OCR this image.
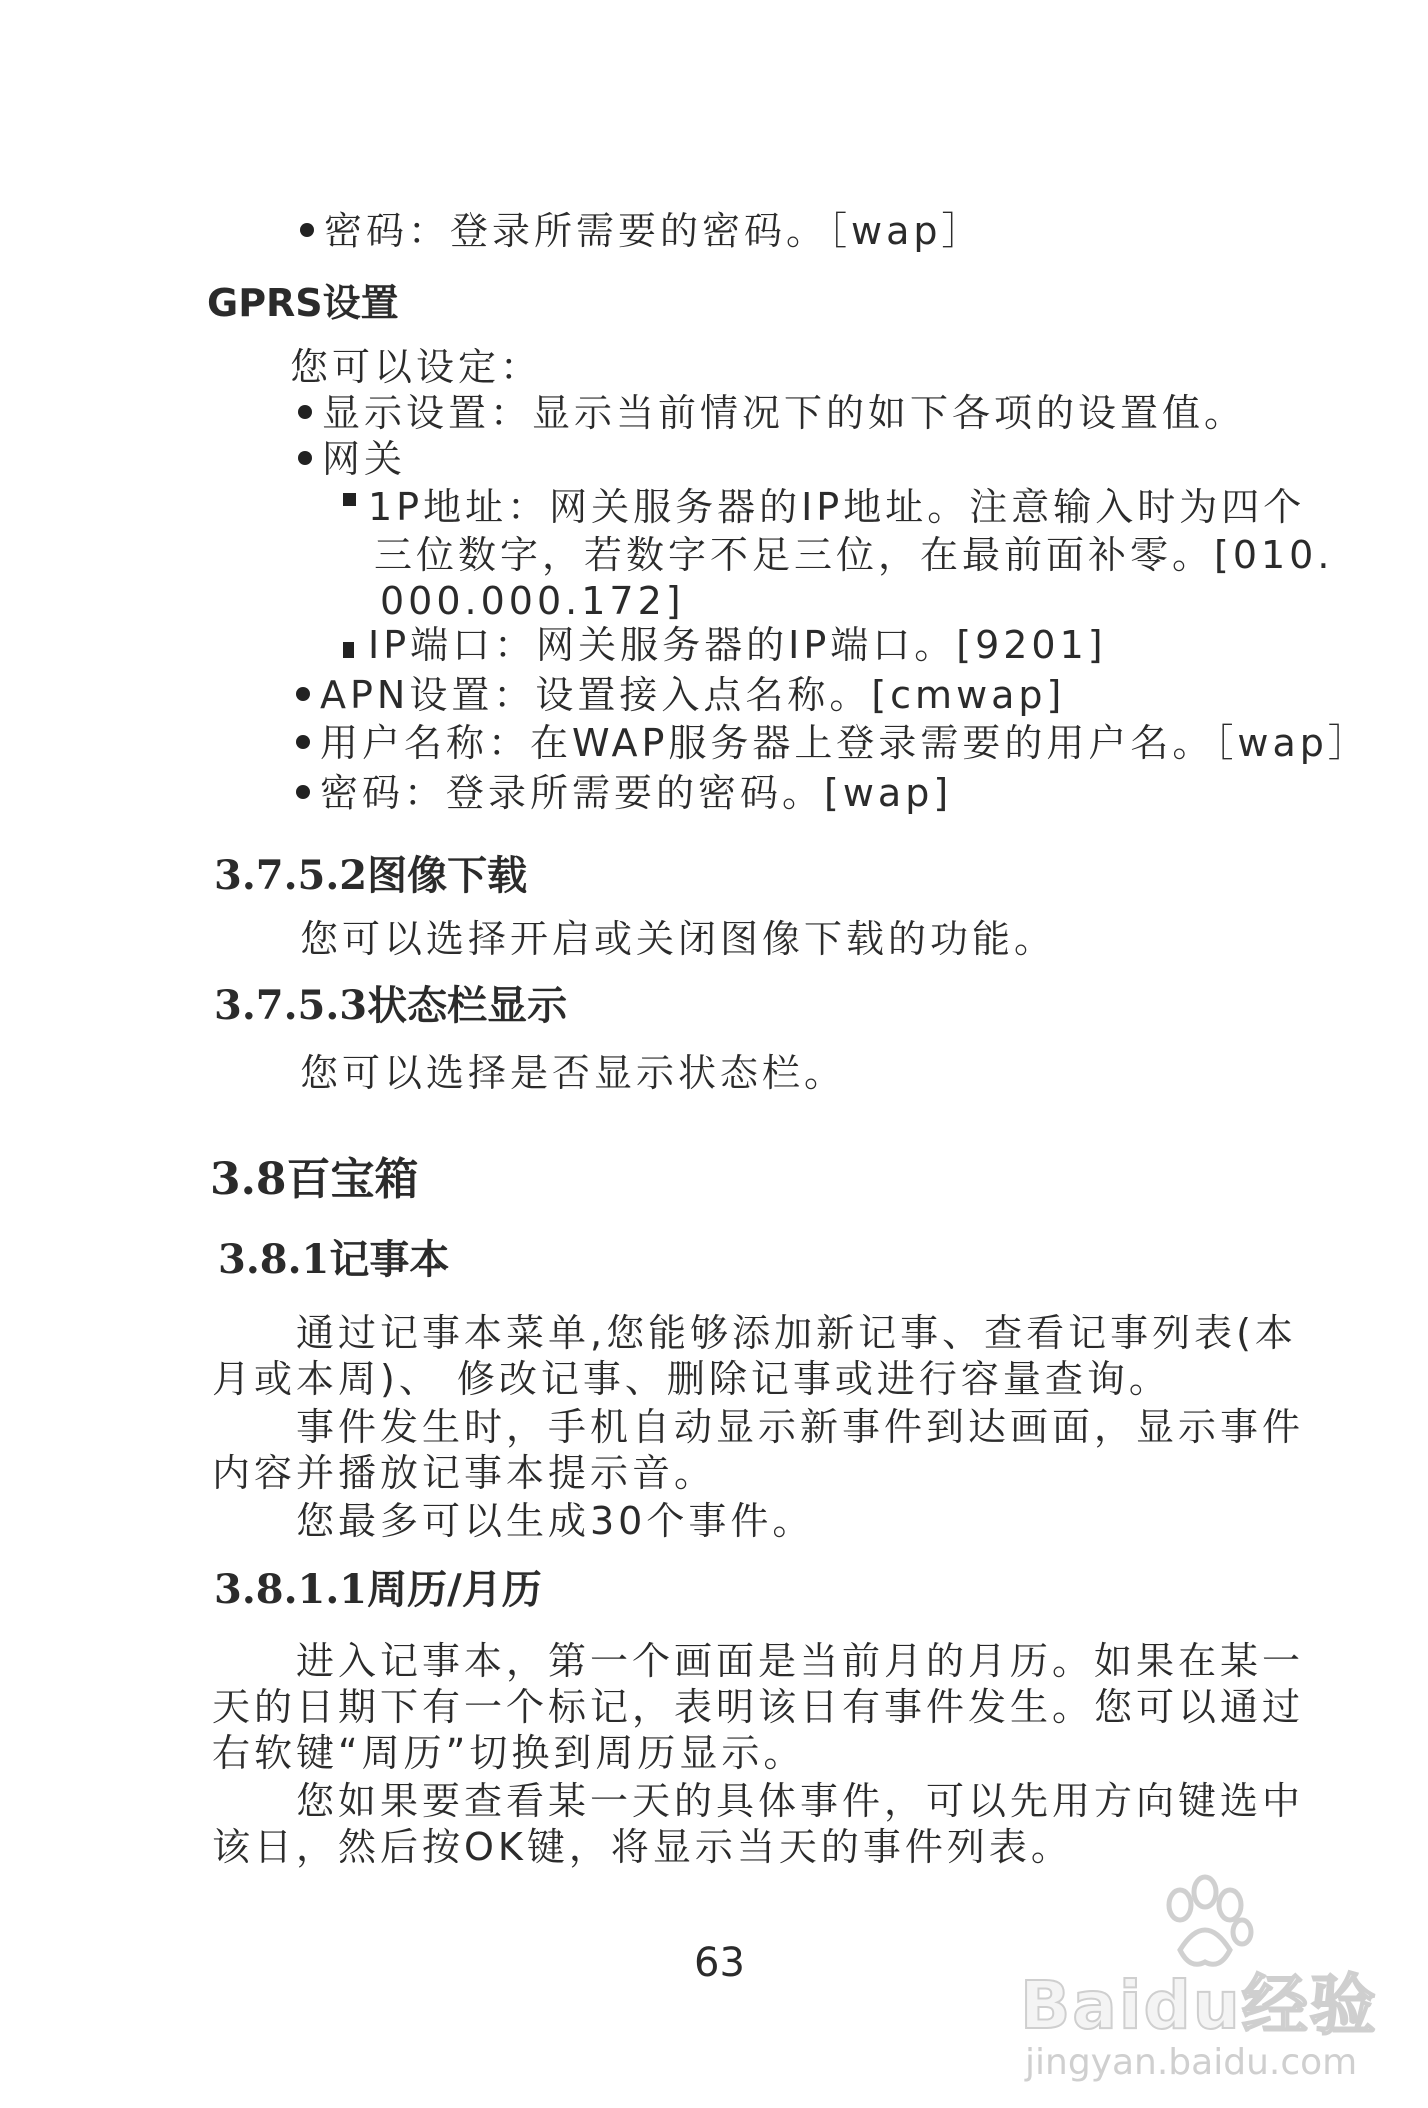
密码：登录所需要的密码。［wap］
GPRS设置
您可以设定：
显示设置：显示当前情况下的如下各项的设置值。
网关
1P地址：网关服务器的IP地址。注意输入时为四个
三位数字，若数字不足三位，在最前面补零。[010.
000.000.172]
IP端口：网关服务器的IP端口。[9201]
APN设置：设置接入点名称。[cmwap]
用户名称：在WAP服务器上登录需要的用户名。［wap］
密码：登录所需要的密码。[wap]
3.7.5.2图像下载
您可以选择开启或关闭图像下载的功能。
3.7.5.3状态栏显示
您可以选择是否显示状态栏。
3.8百宝箱
3.8.1记事本
通过记事本菜单,您能够添加新记事、查看记事列表(本
月或本周)、 修改记事、删除记事或进行容量查询。
事件发生时，手机自动显示新事件到达画面，显示事件
内容并播放记事本提示音。
您最多可以生成30个事件。
3.8.1.1周历/月历
进入记事本，第一个画面是当前月的月历。如果在某一
天的日期下有一个标记，表明该日有事件发生。您可以通过
右软键“周历”切换到周历显示。
您如果要查看某一天的具体事件，可以先用方向键选中
该日，然后按OK键，将显示当天的事件列表。
63
Baidu经验
jingyan.baidu.com
